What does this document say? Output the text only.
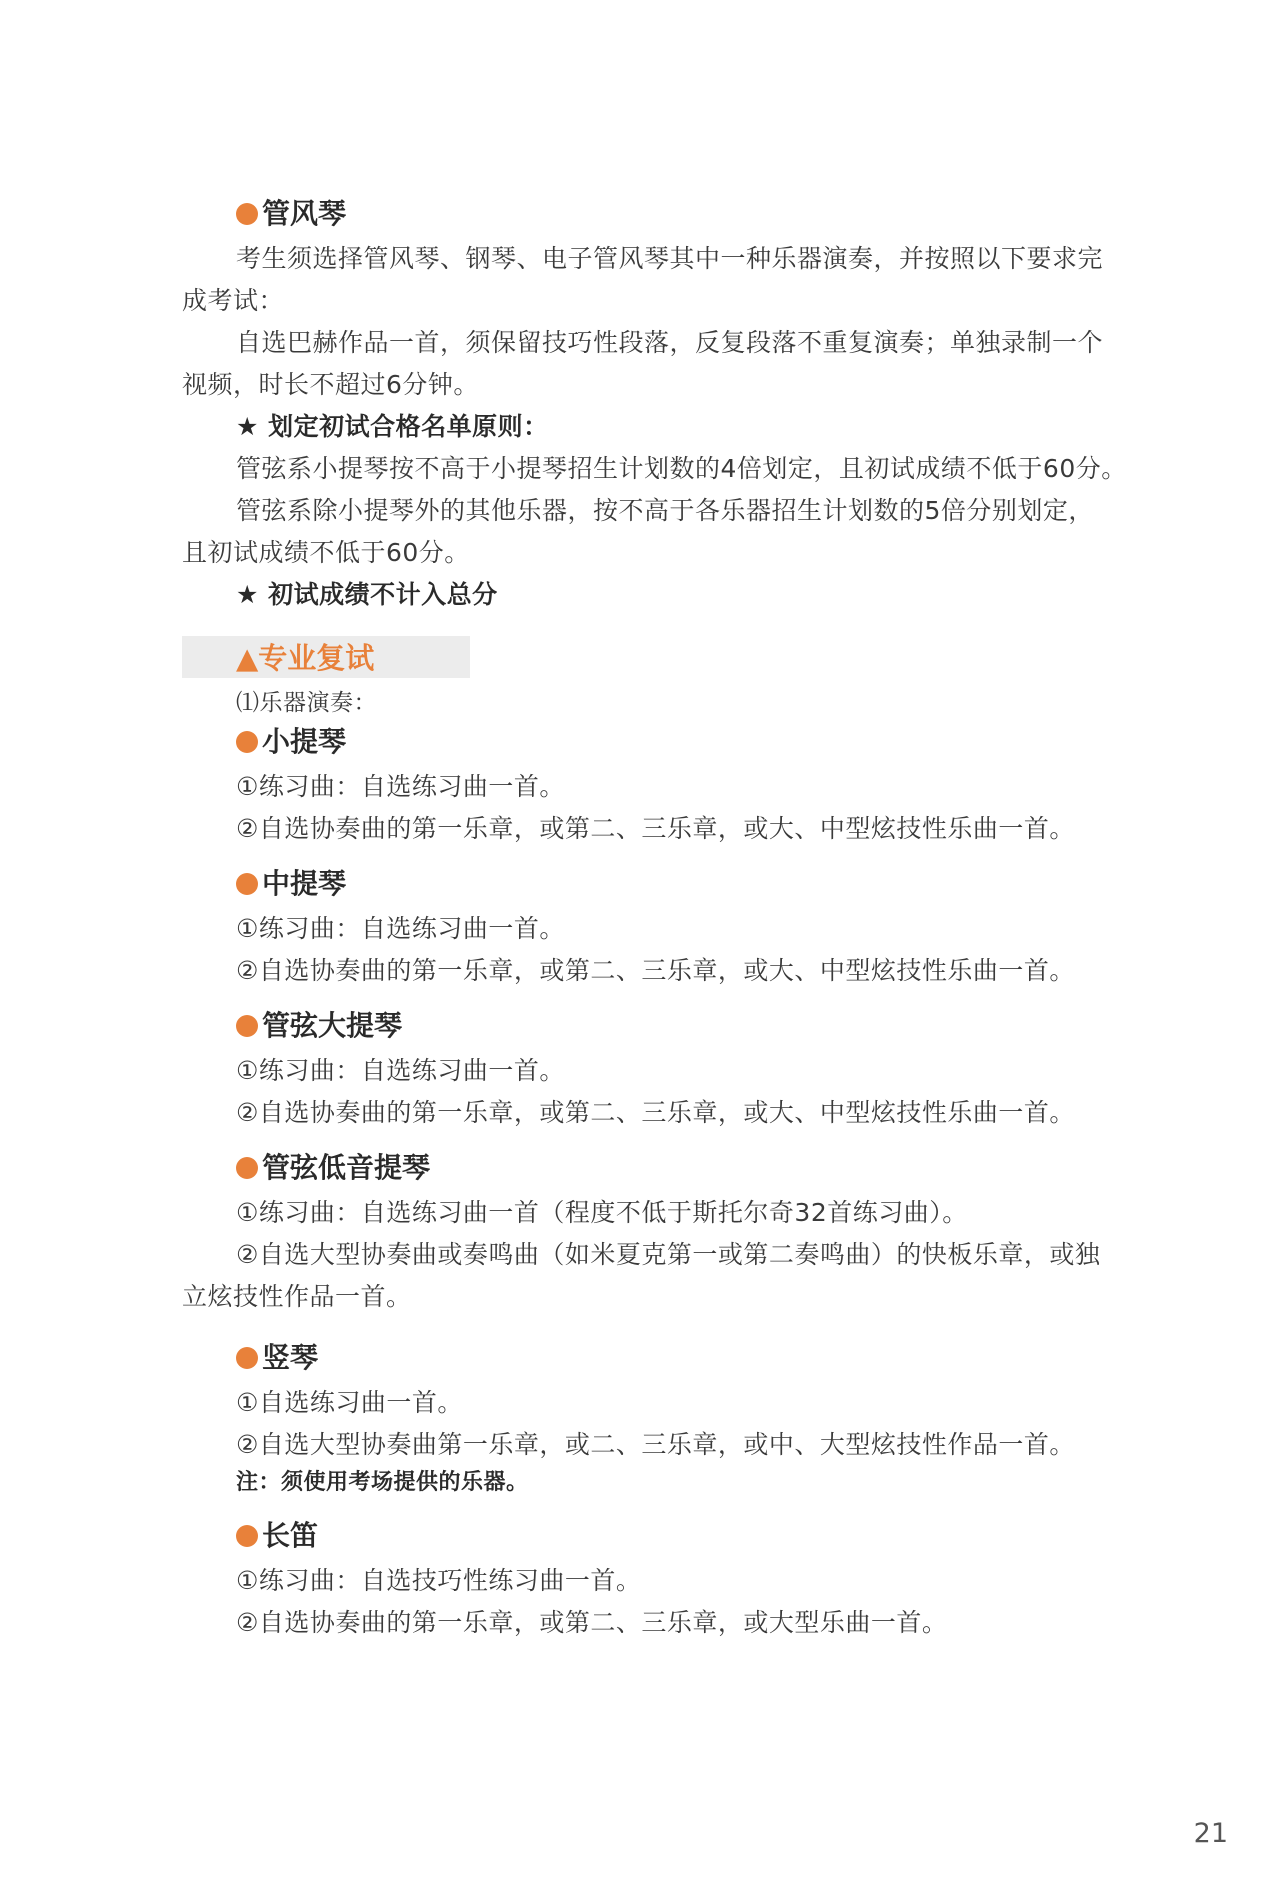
管风琴
考生须选择管风琴、钢琴、电子管风琴其中一种乐器演奏，并按照以下要求完
成考试：
自选巴赫作品一首，须保留技巧性段落，反复段落不重复演奏；单独录制一个
视频，时长不超过6分钟。
★ 划定初试合格名单原则：
管弦系小提琴按不高于小提琴招生计划数的4倍划定，且初试成绩不低于60分。
管弦系除小提琴外的其他乐器，按不高于各乐器招生计划数的5倍分别划定，
且初试成绩不低于60分。
★ 初试成绩不计入总分
▲专业复试
⑴乐器演奏：
小提琴
①练习曲：自选练习曲一首。
②自选协奏曲的第一乐章，或第二、三乐章，或大、中型炫技性乐曲一首。
中提琴
①练习曲：自选练习曲一首。
②自选协奏曲的第一乐章，或第二、三乐章，或大、中型炫技性乐曲一首。
管弦大提琴
①练习曲：自选练习曲一首。
②自选协奏曲的第一乐章，或第二、三乐章，或大、中型炫技性乐曲一首。
管弦低音提琴
①练习曲：自选练习曲一首（程度不低于斯托尔奇32首练习曲）。
②自选大型协奏曲或奏鸣曲（如米夏克第一或第二奏鸣曲）的快板乐章，或独
立炫技性作品一首。
竖琴
①自选练习曲一首。
②自选大型协奏曲第一乐章，或二、三乐章，或中、大型炫技性作品一首。
注：须使用考场提供的乐器。
长笛
①练习曲：自选技巧性练习曲一首。
②自选协奏曲的第一乐章，或第二、三乐章，或大型乐曲一首。
21
